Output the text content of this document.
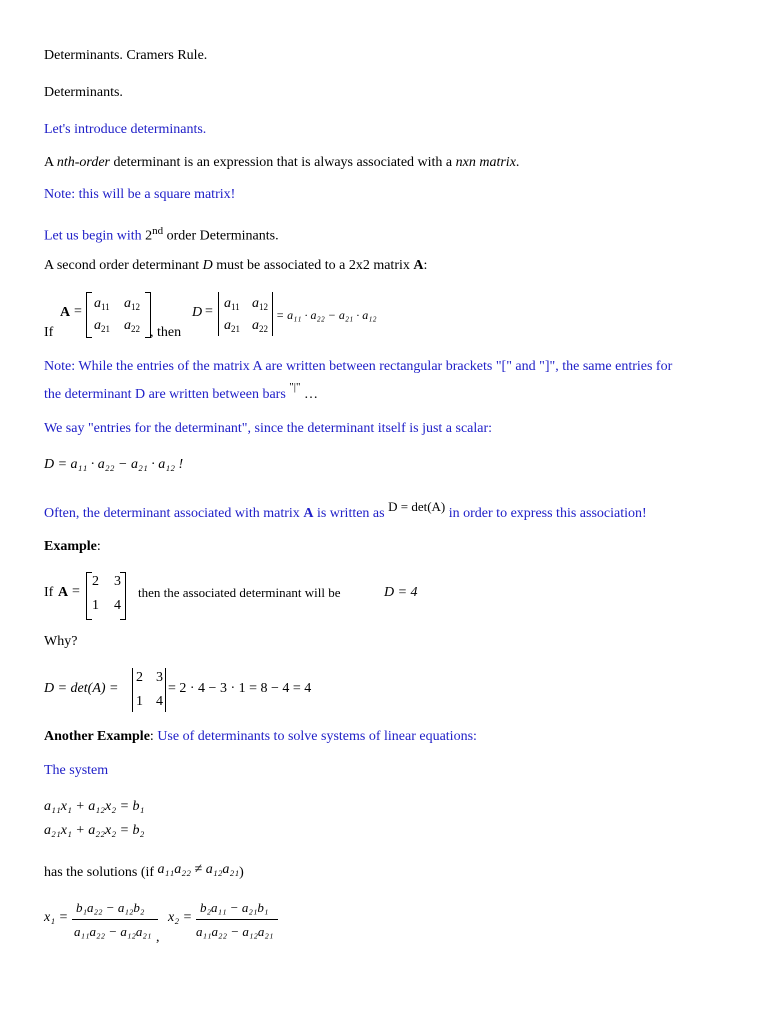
Determinants. Cramers Rule.
Determinants.
Let's introduce determinants.
A nth-order determinant is an expression that is always associated with a nxn matrix.
Note: this will be a square matrix!
Let us begin with 2nd order Determinants.
A second order determinant D must be associated to a 2x2 matrix A:
A =
If
$a_{11}$ $a_{12}$
$a_{21}$ $a_{22}$ , then
D =
$a_{11}$ $a_{12}$
$a_{21}$ $a_{22}$
= a₁₁ · a₂₂ − a₂₁ · a₁₂
Note: While the entries of the matrix A are written between rectangular brackets "[" and "]", the same entries for
the determinant D are written between bars "|" …
We say "entries for the determinant", since the determinant itself is just a scalar:
D = a₁₁ · a₂₂ − a₂₁ · a₁₂ !
Often, the determinant associated with matrix A is written as D = det(A) in order to express this association!
Example:
If A =
2 3
1 4
then the associated determinant will be	D = 4
Why?
D = det(A) =
2 3
1 4
= 2 · 4 − 3 · 1 = 8 − 4 = 4
Another Example: Use of determinants to solve systems of linear equations:
The system
a₁₁x₁ + a₁₂x₂ = b₁
a₂₁x₁ + a₂₂x₂ = b₂
has the solutions (if a₁₁a₂₂ ≠ a₁₂a₂₁)
x₁ =
b₁a₂₂ − a₁₂b₂
a₁₁a₂₂ − a₁₂a₂₁ ,
x₂ =
b₂a₁₁ − a₂₁b₁
a₁₁a₂₂ − a₁₂a₂₁
